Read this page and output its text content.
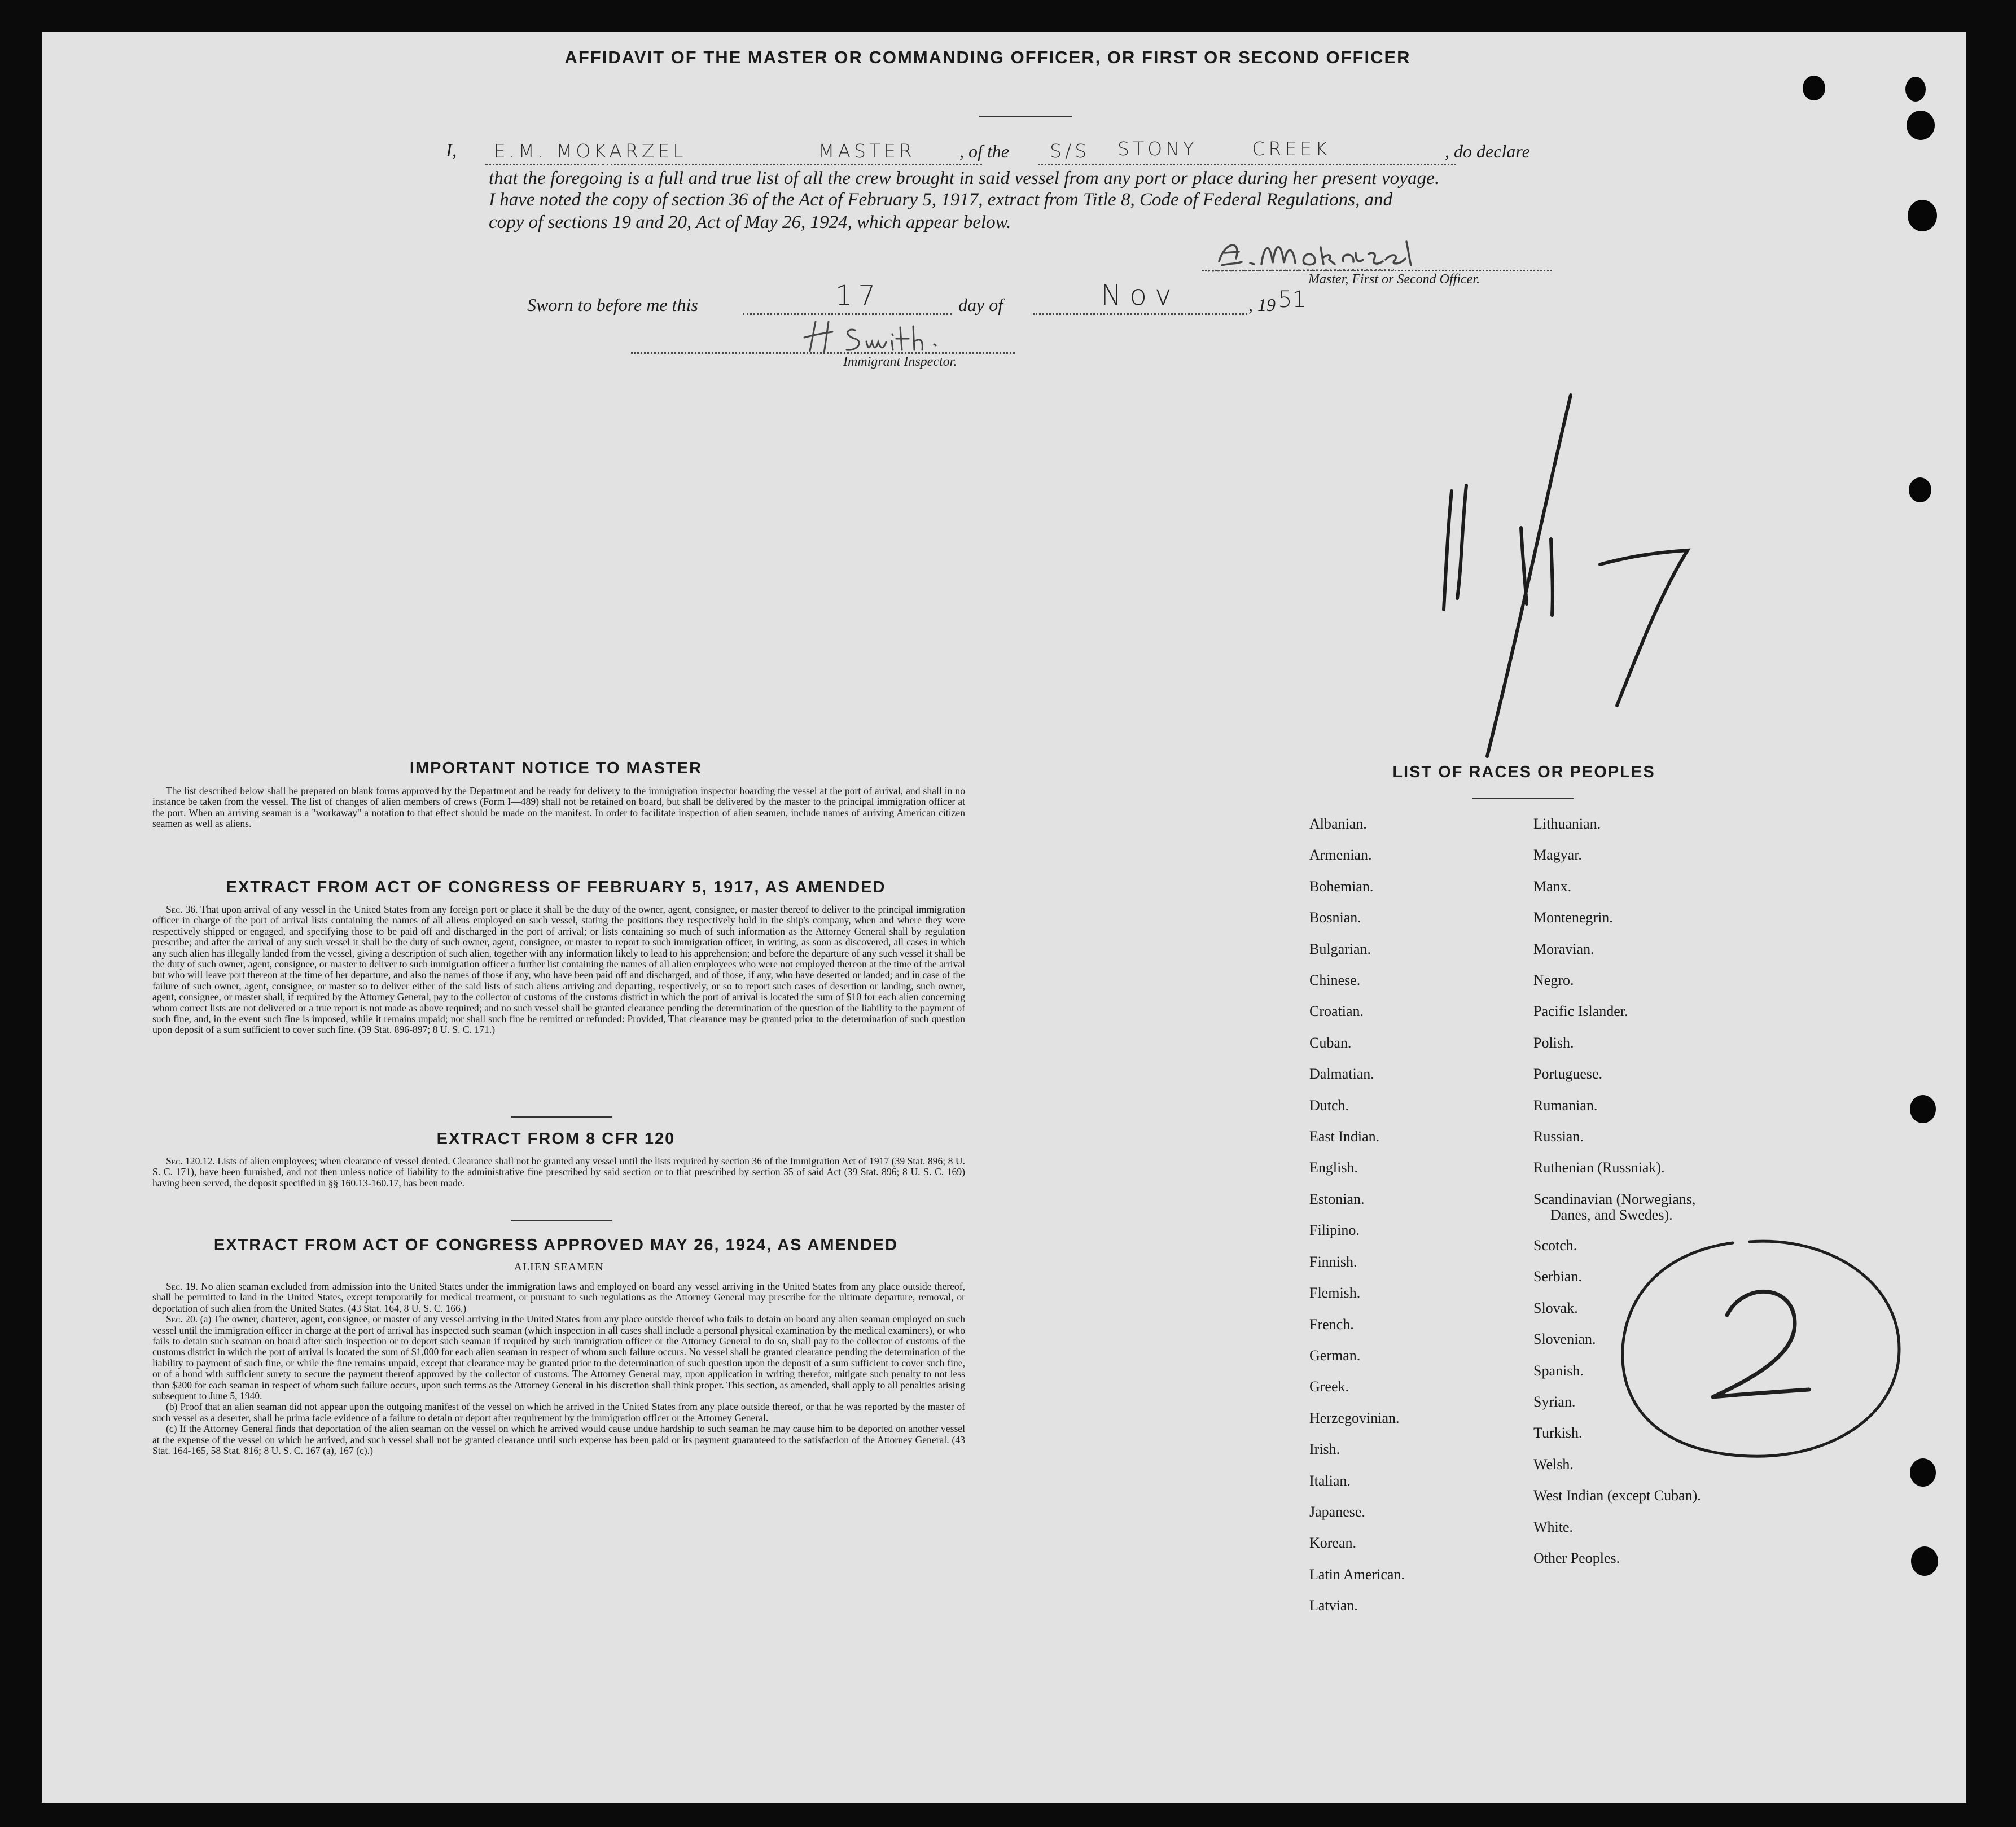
AFFIDAVIT OF THE MASTER OR COMMANDING OFFICER, OR FIRST OR SECOND OFFICER
I,	E.M. MOKARZEL	MASTER , of the S/S STONY CREEK	, do declare
that the foregoing is a full and true list of all the crew brought in said vessel from any port or place during her present voyage.
I have noted the copy of section 36 of the Act of February 5, 1917, extract from Title 8, Code of Federal Regulations, and
copy of sections 19 and 20, Act of May 26, 1924, which appear below.
Master, First or Second Officer.
Sworn to before me this	17	day of	Nov	, 19 51
Immigrant Inspector.
IMPORTANT NOTICE TO MASTER
The list described below shall be prepared on blank forms approved by the Department and be ready for delivery to the immigration inspector boarding the vessel at the port of arrival, and shall in no instance be taken from the vessel. The list of changes of alien members of crews (Form I—489) shall not be retained on board, but shall be delivered by the master to the principal immigration officer at the port. When an arriving seaman is a "workaway" a notation to that effect should be made on the manifest. In order to facilitate inspection of alien seamen, include names of arriving American citizen seamen as well as aliens.
EXTRACT FROM ACT OF CONGRESS OF FEBRUARY 5, 1917, AS AMENDED

Sec. 36. That upon arrival of any vessel in the United States from any foreign port or place it shall be the duty of the owner, agent, consignee, or master thereof to deliver to the principal immigration officer in charge of the port of arrival lists containing the names of all aliens employed on such vessel, stating the positions they respectively hold in the ship's company, when and where they were respectively shipped or engaged, and specifying those to be paid off and discharged in the port of arrival; or lists containing so much of such information as the Attorney General shall by regulation prescribe; and after the arrival of any such vessel it shall be the duty of such owner, agent, consignee, or master to report to such immigration officer, in writing, as soon as discovered, all cases in which any such alien has illegally landed from the vessel, giving a description of such alien, together with any information likely to lead to his apprehension; and before the departure of any such vessel it shall be the duty of such owner, agent, consignee, or master to deliver to such immigration officer a further list containing the names of all alien employees who were not employed thereon at the time of the arrival but who will leave port thereon at the time of her departure, and also the names of those if any, who have been paid off and discharged, and of those, if any, who have deserted or landed; and in case of the failure of such owner, agent, consignee, or master so to deliver either of the said lists of such aliens arriving and departing, respectively, or so to report such cases of desertion or landing, such owner, agent, consignee, or master shall, if required by the Attorney General, pay to the collector of customs of the customs district in which the port of arrival is located the sum of $10 for each alien concerning whom correct lists are not delivered or a true report is not made as above required; and no such vessel shall be granted clearance pending the determination of the question of the liability to the payment of such fine, and, in the event such fine is imposed, while it remains unpaid; nor shall such fine be remitted or refunded: Provided, That clearance may be granted prior to the determination of such question upon deposit of a sum sufficient to cover such fine. (39 Stat. 896-897; 8 U. S. C. 171.)

EXTRACT FROM 8 CFR 120

Sec. 120.12. Lists of alien employees; when clearance of vessel denied. Clearance shall not be granted any vessel until the lists required by section 36 of the Immigration Act of 1917 (39 Stat. 896; 8 U. S. C. 171), have been furnished, and not then unless notice of liability to the administrative fine prescribed by said section or to that prescribed by section 35 of said Act (39 Stat. 896; 8 U. S. C. 169) having been served, the deposit specified in §§ 160.13-160.17, has been made.

EXTRACT FROM ACT OF CONGRESS APPROVED MAY 26, 1924, AS AMENDED
ALIEN SEAMEN

Sec. 19. No alien seaman excluded from admission into the United States under the immigration laws and employed on board any vessel arriving in the United States from any place outside thereof, shall be permitted to land in the United States, except temporarily for medical treatment, or pursuant to such regulations as the Attorney General may prescribe for the ultimate departure, removal, or deportation of such alien from the United States. (43 Stat. 164, 8 U. S. C. 166.)

Sec. 20. (a) The owner, charterer, agent, consignee, or master of any vessel arriving in the United States from any place outside thereof who fails to detain on board any alien seaman employed on such vessel until the immigration officer in charge at the port of arrival has inspected such seaman (which inspection in all cases shall include a personal physical examination by the medical examiners), or who fails to detain such seaman on board after such inspection or to deport such seaman if required by such immigration officer or the Attorney General to do so, shall pay to the collector of customs of the customs district in which the port of arrival is located the sum of $1,000 for each alien seaman in respect of whom such failure occurs. No vessel shall be granted clearance pending the determination of the liability to payment of such fine, or while the fine remains unpaid, except that clearance may be granted prior to the determination of such question upon the deposit of a sum sufficient to cover such fine, or of a bond with sufficient surety to secure the payment thereof approved by the collector of customs. The Attorney General may, upon application in writing therefor, mitigate such penalty to not less than $200 for each seaman in respect of whom such failure occurs, upon such terms as the Attorney General in his discretion shall think proper. This section, as amended, shall apply to all penalties arising subsequent to June 5, 1940.

(b) Proof that an alien seaman did not appear upon the outgoing manifest of the vessel on which he arrived in the United States from any place outside thereof, or that he was reported by the master of such vessel as a deserter, shall be prima facie evidence of a failure to detain or deport after requirement by the immigration officer or the Attorney General.

(c) If the Attorney General finds that deportation of the alien seaman on the vessel on which he arrived would cause undue hardship to such seaman he may cause him to be deported on another vessel at the expense of the vessel on which he arrived, and such vessel shall not be granted clearance until such expense has been paid or its payment guaranteed to the satisfaction of the Attorney General. (43 Stat. 164-165, 58 Stat. 816; 8 U. S. C. 167 (a), 167 (c).)

LIST OF RACES OR PEOPLES
Albanian.
Armenian.
Bohemian.
Bosnian.
Bulgarian.
Chinese.
Croatian.
Cuban.
Dalmatian.
Dutch.
East Indian.
English.
Estonian.
Filipino.
Finnish.
Flemish.
French.
German.
Greek.
Herzegovinian.
Irish.
Italian.
Japanese.
Korean.
Latin American.
Latvian.
Lithuanian.
Magyar.
Manx.
Montenegrin.
Moravian.
Negro.
Pacific Islander.
Polish.
Portuguese.
Rumanian.
Russian.
Ruthenian (Russniak).
Scandinavian (Norwegians,
Danes, and Swedes).
Scotch.
Serbian.
Slovak.
Slovenian.
Spanish.
Syrian.
Turkish.
Welsh.
West Indian (except Cuban).
White.
Other Peoples.
